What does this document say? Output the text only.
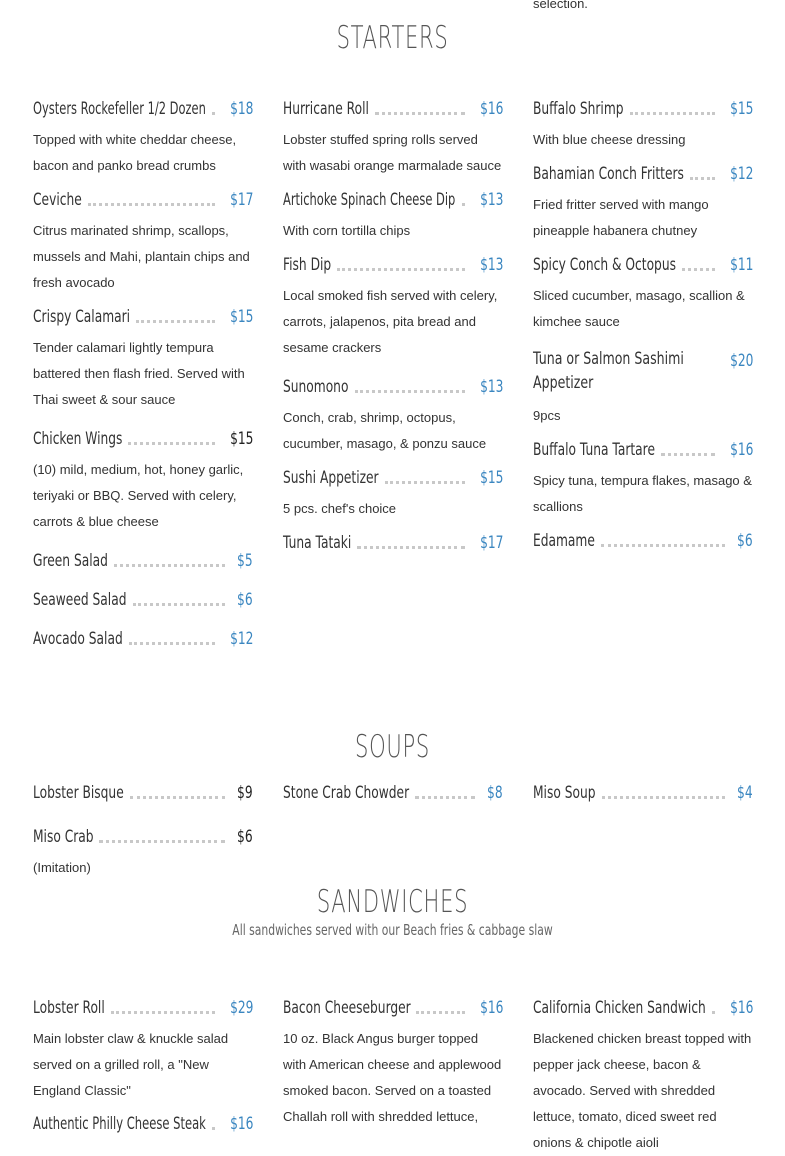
selection.
STARTERS
Oysters Rockefeller 1/2 Dozen $18
Topped with white cheddar cheese, bacon and panko bread crumbs
Ceviche	$17
Citrus marinated shrimp, scallops, mussels and Mahi, plantain chips and fresh avocado
Crispy Calamari	$15
Tender calamari lightly tempura battered then flash fried. Served with Thai sweet & sour sauce
Chicken Wings	$15
(10) mild, medium, hot, honey garlic, teriyaki or BBQ. Served with celery, carrots & blue cheese
Green Salad	$5
Seaweed Salad	$6
Avocado Salad	$12
Hurricane Roll	$16
Lobster stuffed spring rolls served with wasabi orange marmalade sauce
Artichoke Spinach Cheese Dip $13
With corn tortilla chips
Fish Dip	$13
Local smoked fish served with celery, carrots, jalapenos, pita bread and sesame crackers
Sunomono	$13
Conch, crab, shrimp, octopus, cucumber, masago, & ponzu sauce
Sushi Appetizer	$15
5 pcs. chef's choice
Tuna Tataki	$17
Buffalo Shrimp	$15
With blue cheese dressing
Bahamian Conch Fritters	$12
Fried fritter served with mango pineapple habanera chutney
Spicy Conch & Octopus	$11
Sliced cucumber, masago, scallion & kimchee sauce
Tuna or Salmon Sashimi Appetizer
$20
9pcs
Buffalo Tuna Tartare	$16
Spicy tuna, tempura flakes, masago & scallions
Edamame	$6
SOUPS
Lobster Bisque	$9 Stone Crab Chowder	$8 Miso Soup	$4
Miso Crab	$6
(Imitation)
SANDWICHES
All sandwiches served with our Beach fries & cabbage slaw
Lobster Roll	$29
Main lobster claw & knuckle salad served on a grilled roll, a "New England Classic"
Bacon Cheeseburger	$16
10 oz. Black Angus burger topped with American cheese and applewood smoked bacon. Served on a toasted Challah roll with shredded lettuce,
California Chicken Sandwich $16
Blackened chicken breast topped with pepper jack cheese, bacon & avocado. Served with shredded lettuce, tomato, diced sweet red onions & chipotle aioli
Authentic Philly Cheese Steak $16
